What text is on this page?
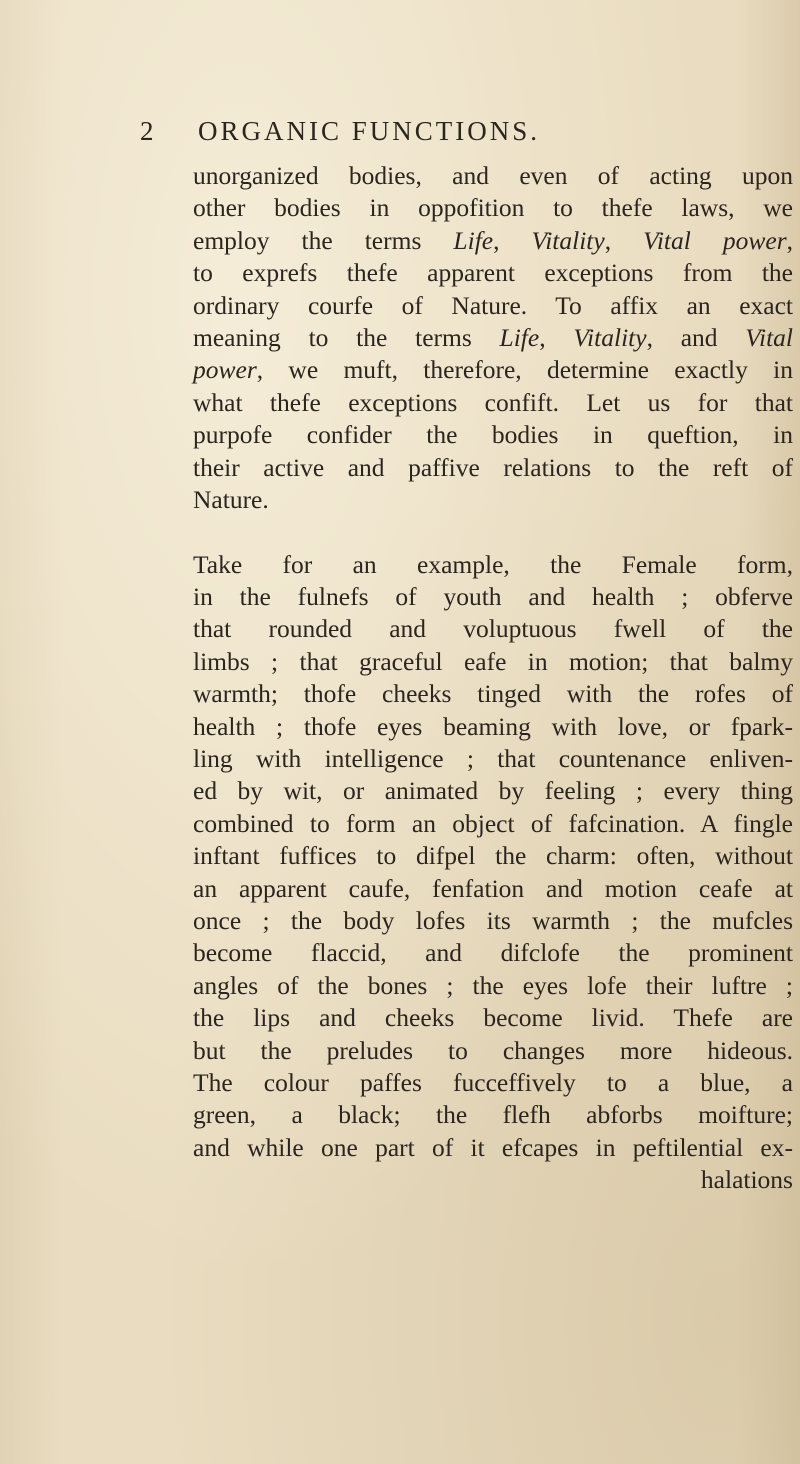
2 ORGANIC FUNCTIONS.
unorganized bodies, and even of acting upon
other bodies in oppofition to thefe laws, we
employ the terms Life, Vitality, Vital power,
to exprefs thefe apparent exceptions from the
ordinary courfe of Nature. To affix an exact
meaning to the terms Life, Vitality, and Vital
power, we muft, therefore, determine exactly in
what thefe exceptions confift. Let us for that
purpofe confider the bodies in queftion, in
their active and paffive relations to the reft of
Nature.
Take for an example, the Female form,
in the fulnefs of youth and health ; obferve
that rounded and voluptuous fwell of the
limbs ; that graceful eafe in motion; that balmy
warmth; thofe cheeks tinged with the rofes of
health ; thofe eyes beaming with love, or fpark-
ling with intelligence ; that countenance enliven-
ed by wit, or animated by feeling ; every thing
combined to form an object of fafcination. A fingle
inftant fuffices to difpel the charm: often, without
an apparent caufe, fenfation and motion ceafe at
once ; the body lofes its warmth ; the mufcles
become flaccid, and difclofe the prominent
angles of the bones ; the eyes lofe their luftre ;
the lips and cheeks become livid. Thefe are
but the preludes to changes more hideous.
The colour paffes fucceffively to a blue, a
green, a black; the flefh abforbs moifture;
and while one part of it efcapes in peftilential ex-
halations
